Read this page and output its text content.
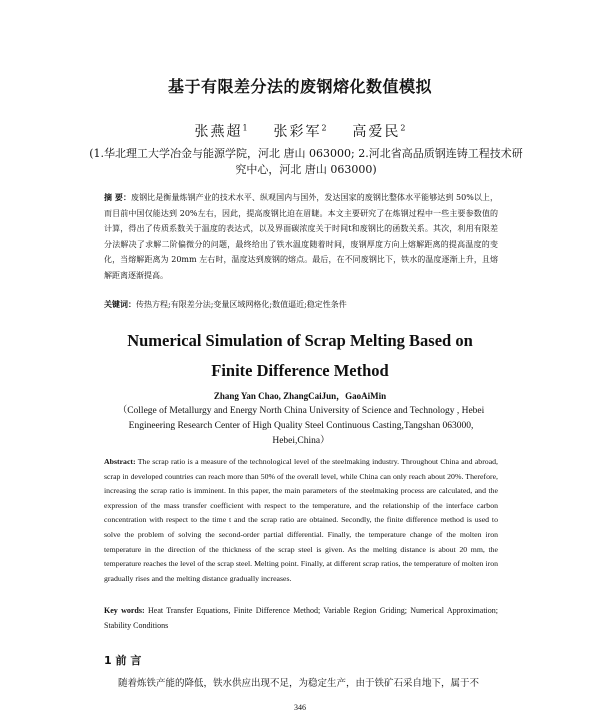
基于有限差分法的废钢熔化数值模拟
张燕超$^1$ 张彩军$^2$ 高爱民$^2$
(1.华北理工大学冶金与能源学院，河北 唐山 063000; 2.河北省高品质钢连铸工程技术研究中心，河北 唐山 063000)
摘 要：废钢比是衡量炼钢产业的技术水平、纵观国内与国外，发达国家的废钢比整体水平能够达到 50%以上，而目前中国仅能达到 20%左右，因此，提高废钢比迫在眉睫。本文主要研究了在炼钢过程中一些主要参数值的计算，得出了传质系数关于温度的表达式，以及界面碳浓度关于时间t和废钢比的函数关系。其次，利用有限差分法解决了求解二阶偏微分的问题，最终给出了铁水温度随着时间，废钢厚度方向上熔解距离的提高温度的变化，当熔解距离为 20mm 左右时，温度达到废钢的熔点。最后，在不同废钢比下，铁水的温度逐渐上升，且熔解距离逐渐提高。
关键词：传热方程;有限差分法;变量区域网格化;数值逼近;稳定性条件
Numerical Simulation of Scrap Melting Based on
Finite Difference Method
Zhang Yan Chao, ZhangCaiJun，GaoAiMin
（College of Metallurgy and Energy North China University of Science and Technology , Hebei Engineering Research Center of High Quality Steel Continuous Casting,Tangshan 063000, Hebei,China）
Abstract: The scrap ratio is a measure of the technological level of the steelmaking industry. Throughout China and abroad, scrap in developed countries can reach more than 50% of the overall level, while China can only reach about 20%. Therefore, increasing the scrap ratio is imminent. In this paper, the main parameters of the steelmaking process are calculated, and the expression of the mass transfer coefficient with respect to the temperature, and the relationship of the interface carbon concentration with respect to the time t and the scrap ratio are obtained. Secondly, the finite difference method is used to solve the problem of solving the second-order partial differential. Finally, the temperature change of the molten iron temperature in the direction of the thickness of the scrap steel is given. As the melting distance is about 20 mm, the temperature reaches the level of the scrap steel. Melting point. Finally, at different scrap ratios, the temperature of molten iron gradually rises and the melting distance gradually increases.
Key words: Heat Transfer Equations, Finite Difference Method; Variable Region Griding; Numerical Approximation; Stability Conditions
1 前 言
随着炼铁产能的降低，铁水供应出现不足，为稳定生产，由于铁矿石采自地下，属于不
346
